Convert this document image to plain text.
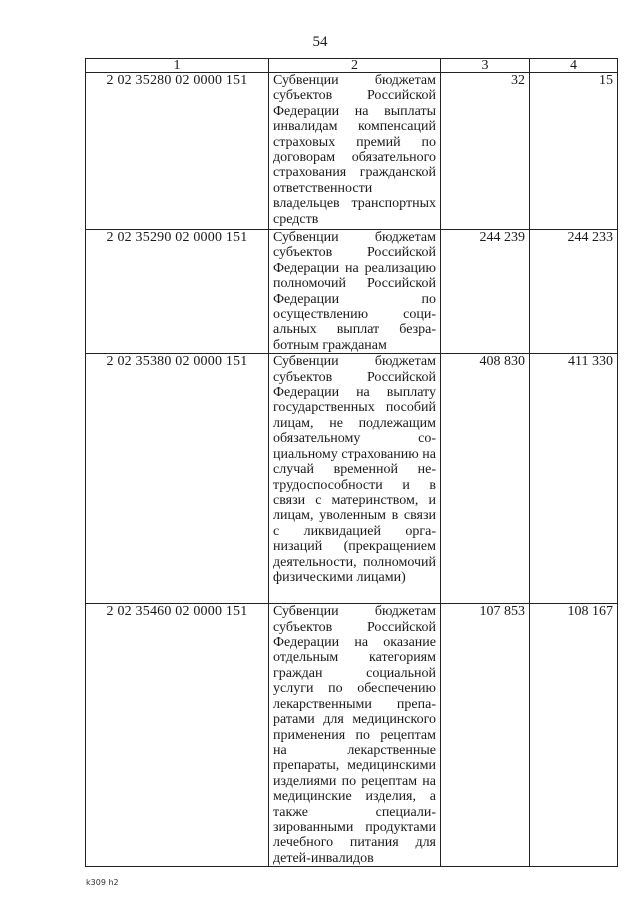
54
1	2	3	4
2 02 35280 02 0000 151	Субвенции бюджетам субъектов Российской Федерации на выплаты инвалидам компенсаций страховых премий по договорам обязательного страхования гражданской ответственности владельцев транспортных средств	32	15
2 02 35290 02 0000 151	Субвенции бюджетам субъектов Российской Федерации на реализацию полномочий Российской Федерации по осуществлению социальных выплат безработным гражданам	244 239	244 233
2 02 35380 02 0000 151	Субвенции бюджетам субъектов Российской Федерации на выплату государственных пособий лицам, не подлежащим обязательному социальному страхованию на случай временной нетрудоспособности и в связи с материнством, и лицам, уволенным в связи с ликвидацией организаций (прекращением деятельности, полномочий физическими лицами)	408 830	411 330
2 02 35460 02 0000 151	Субвенции бюджетам субъектов Российской Федерации на оказание отдельным категориям граждан социальной услуги по обеспечению лекарственными препаратами для медицинского применения по рецептам на лекарственные препараты, медицинскими изделиями по рецептам на медицинские изделия, а также специализированными продуктами лечебного питания для детей-инвалидов	107 853	108 167
k309 h2
